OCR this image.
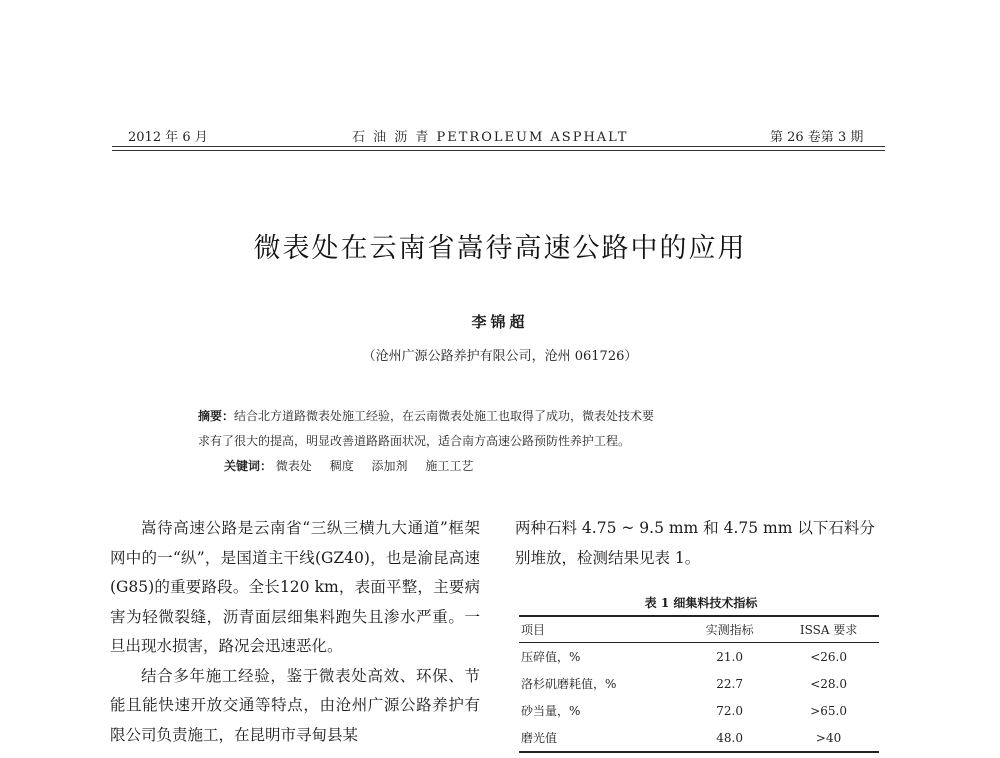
2012 年 6 月	石 油 沥 青 PETROLEUM ASPHALT	第 26 卷第 3 期
微表处在云南省嵩待高速公路中的应用
李锦超
（沧州广源公路养护有限公司，沧州 061726）
摘要：结合北方道路微表处施工经验，在云南微表处施工也取得了成功，微表处技术要
求有了很大的提高，明显改善道路路面状况，适合南方高速公路预防性养护工程。
关键词： 微表处 稠度 添加剂 施工工艺

嵩待高速公路是云南省“三纵三横九大通道”框架网中的一“纵”，是国道主干线(GZ40)，也是渝昆高速(G85)的重要路段。全长120 km，表面平整，主要病害为轻微裂缝，沥青面层细集料跑失且渗水严重。一旦出现水损害，路况会迅速恶化。

结合多年施工经验，鉴于微表处高效、环保、节能且能快速开放交通等特点，由沧州广源公路养护有限公司负责施工，在昆明市寻甸县某

两种石料 4.75 ~ 9.5 mm 和 4.75 mm 以下石料分别堆放，检测结果见表 1。

表 1 细集料技术指标
项目	实测指标	ISSA 要求
压碎值，%	21.0	<26.0
洛杉矶磨耗值，%	22.7	<28.0
砂当量，%	72.0	>65.0
磨光值	48.0	>40
